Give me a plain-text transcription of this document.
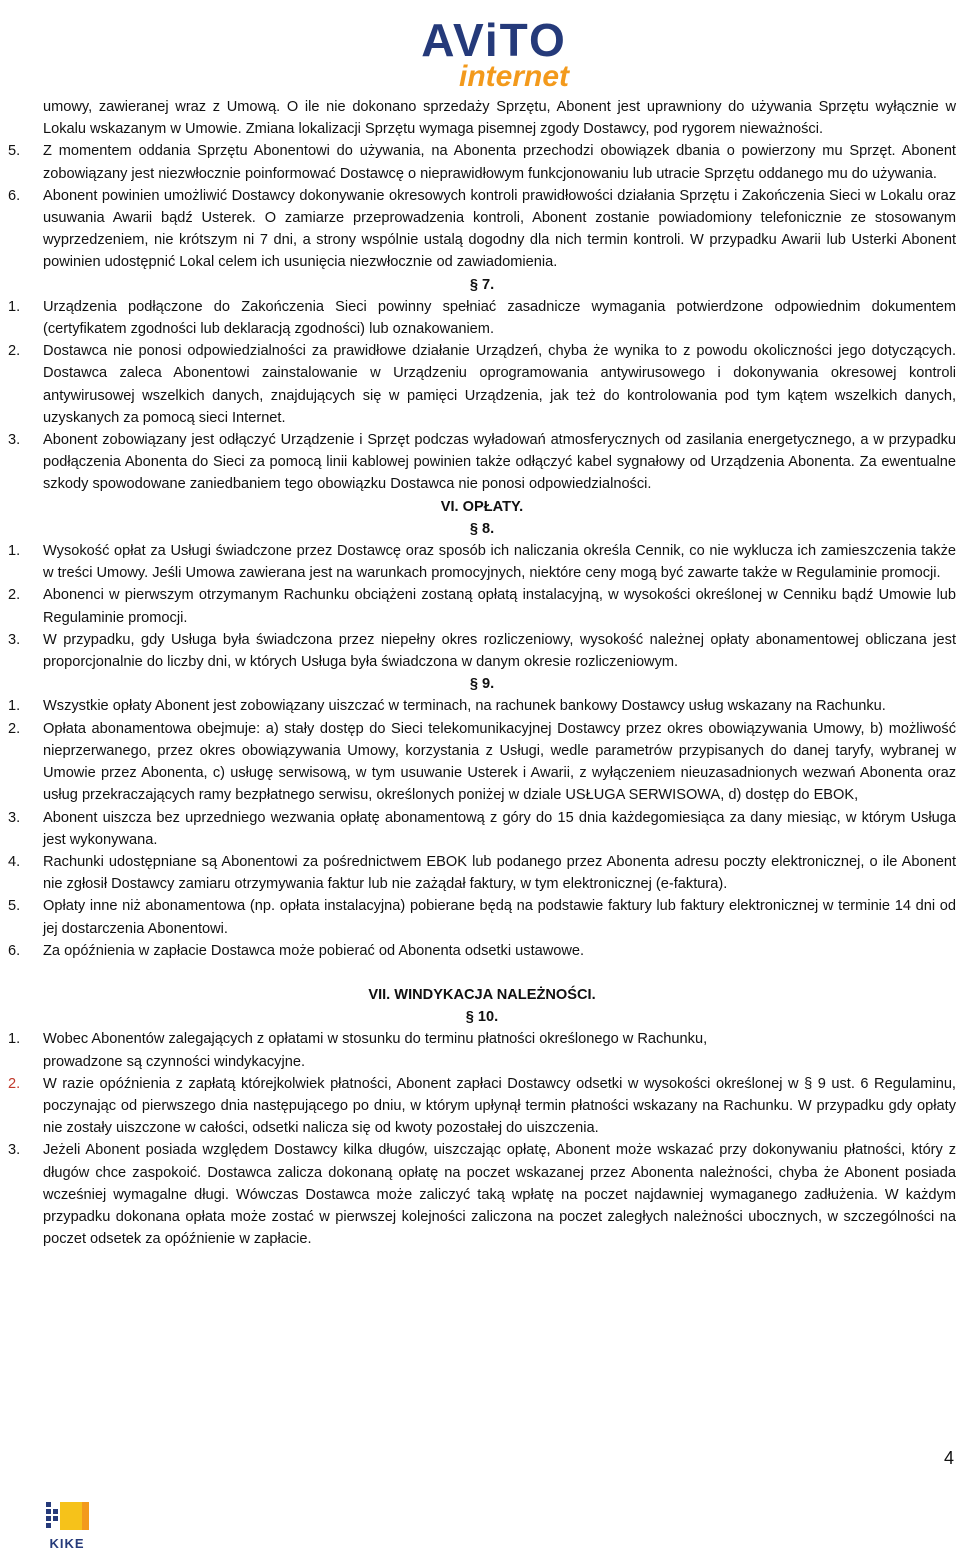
AViTO
internet
umowy, zawieranej wraz z Umową. O ile nie dokonano sprzedaży Sprzętu, Abonent jest uprawniony do używania Sprzętu wyłącznie w Lokalu wskazanym w Umowie. Zmiana lokalizacji Sprzętu wymaga pisemnej zgody Dostawcy, pod rygorem nieważności.
5.	Z momentem oddania Sprzętu Abonentowi do używania, na Abonenta przechodzi obowiązek dbania o powierzony mu Sprzęt. Abonent zobowiązany jest niezwłocznie poinformować Dostawcę o nieprawidłowym funkcjonowaniu lub utracie Sprzętu oddanego mu do używania.
6.	Abonent powinien umożliwić Dostawcy dokonywanie okresowych kontroli prawidłowości działania Sprzętu i Zakończenia Sieci w Lokalu oraz usuwania Awarii bądź Usterek. O zamiarze przeprowadzenia kontroli, Abonent zostanie powiadomiony telefonicznie ze stosowanym wyprzedzeniem, nie krótszym ni 7 dni, a strony wspólnie ustalą dogodny dla nich termin kontroli. W przypadku Awarii lub Usterki Abonent powinien udostępnić Lokal celem ich usunięcia niezwłocznie od zawiadomienia.
§ 7.
1.	Urządzenia podłączone do Zakończenia Sieci powinny spełniać zasadnicze wymagania potwierdzone odpowiednim dokumentem (certyfikatem zgodności lub deklaracją zgodności) lub oznakowaniem.
2.	Dostawca nie ponosi odpowiedzialności za prawidłowe działanie Urządzeń, chyba że wynika to z powodu okoliczności jego dotyczących. Dostawca zaleca Abonentowi zainstalowanie w Urządzeniu oprogramowania antywirusowego i dokonywania okresowej kontroli antywirusowej wszelkich danych, znajdujących się w pamięci Urządzenia, jak też do kontrolowania pod tym kątem wszelkich danych, uzyskanych za pomocą sieci Internet.
3.	Abonent zobowiązany jest odłączyć Urządzenie i Sprzęt podczas wyładowań atmosferycznych od zasilania energetycznego, a w przypadku podłączenia Abonenta do Sieci za pomocą linii kablowej powinien także odłączyć kabel sygnałowy od Urządzenia Abonenta. Za ewentualne szkody spowodowane zaniedbaniem tego obowiązku Dostawca nie ponosi odpowiedzialności.
VI. OPŁATY.
§ 8.
1.	Wysokość opłat za Usługi świadczone przez Dostawcę oraz sposób ich naliczania określa Cennik, co nie wyklucza ich zamieszczenia także w treści Umowy. Jeśli Umowa zawierana jest na warunkach promocyjnych, niektóre ceny mogą być zawarte także w Regulaminie promocji.
2.	Abonenci w pierwszym otrzymanym Rachunku obciążeni zostaną opłatą instalacyjną, w wysokości określonej w Cenniku bądź Umowie lub Regulaminie promocji.
3.	W przypadku, gdy Usługa była świadczona przez niepełny okres rozliczeniowy, wysokość należnej opłaty abonamentowej obliczana jest proporcjonalnie do liczby dni, w których Usługa była świadczona w danym okresie rozliczeniowym.
§ 9.
1.	Wszystkie opłaty Abonent jest zobowiązany uiszczać w terminach, na rachunek bankowy Dostawcy usług wskazany na Rachunku.
2.	Opłata abonamentowa obejmuje: a) stały dostęp do Sieci telekomunikacyjnej Dostawcy przez okres obowiązywania Umowy, b) możliwość nieprzerwanego, przez okres obowiązywania Umowy, korzystania z Usługi, wedle parametrów przypisanych do danej taryfy, wybranej w Umowie przez Abonenta, c) usługę serwisową, w tym usuwanie Usterek i Awarii, z wyłączeniem nieuzasadnionych wezwań Abonenta oraz usług przekraczających ramy bezpłatnego serwisu, określonych poniżej w dziale USŁUGA SERWISOWA, d) dostęp do EBOK,
3.	Abonent uiszcza bez uprzedniego wezwania opłatę abonamentową z góry do 15 dnia każdegomiesiąca za dany miesiąc, w którym Usługa jest wykonywana.
4.	Rachunki udostępniane są Abonentowi za pośrednictwem EBOK lub podanego przez Abonenta adresu poczty elektronicznej, o ile Abonent nie zgłosił Dostawcy zamiaru otrzymywania faktur lub nie zażądał faktury, w tym elektronicznej (e-faktura).
5.	Opłaty inne niż abonamentowa (np. opłata instalacyjna) pobierane będą na podstawie faktury lub faktury elektronicznej w terminie 14 dni od jej dostarczenia Abonentowi.
6.	Za opóźnienia w zapłacie Dostawca może pobierać od Abonenta odsetki ustawowe.
VII. WINDYKACJA NALEŻNOŚCI.
§ 10.
1.	Wobec Abonentów zalegających z opłatami w stosunku do terminu płatności określonego w Rachunku,
prowadzone są czynności windykacyjne.
2.	W razie opóźnienia z zapłatą którejkolwiek płatności, Abonent zapłaci Dostawcy odsetki w wysokości określonej w § 9 ust. 6 Regulaminu, poczynając od pierwszego dnia następującego po dniu, w którym upłynął termin płatności wskazany na Rachunku. W przypadku gdy opłaty nie zostały uiszczone w całości, odsetki nalicza się od kwoty pozostałej do uiszczenia.
3.	Jeżeli Abonent posiada względem Dostawcy kilka długów, uiszczając opłatę, Abonent może wskazać przy dokonywaniu płatności, który z długów chce zaspokoić. Dostawca zalicza dokonaną opłatę na poczet wskazanej przez Abonenta należności, chyba że Abonent posiada wcześniej wymagalne długi. Wówczas Dostawca może zaliczyć taką wpłatę na poczet najdawniej wymaganego zadłużenia. W każdym przypadku dokonana opłata może zostać w pierwszej kolejności zaliczona na poczet zaległych należności ubocznych, w szczególności na poczet odsetek za opóźnienie w zapłacie.
4
KIKE
